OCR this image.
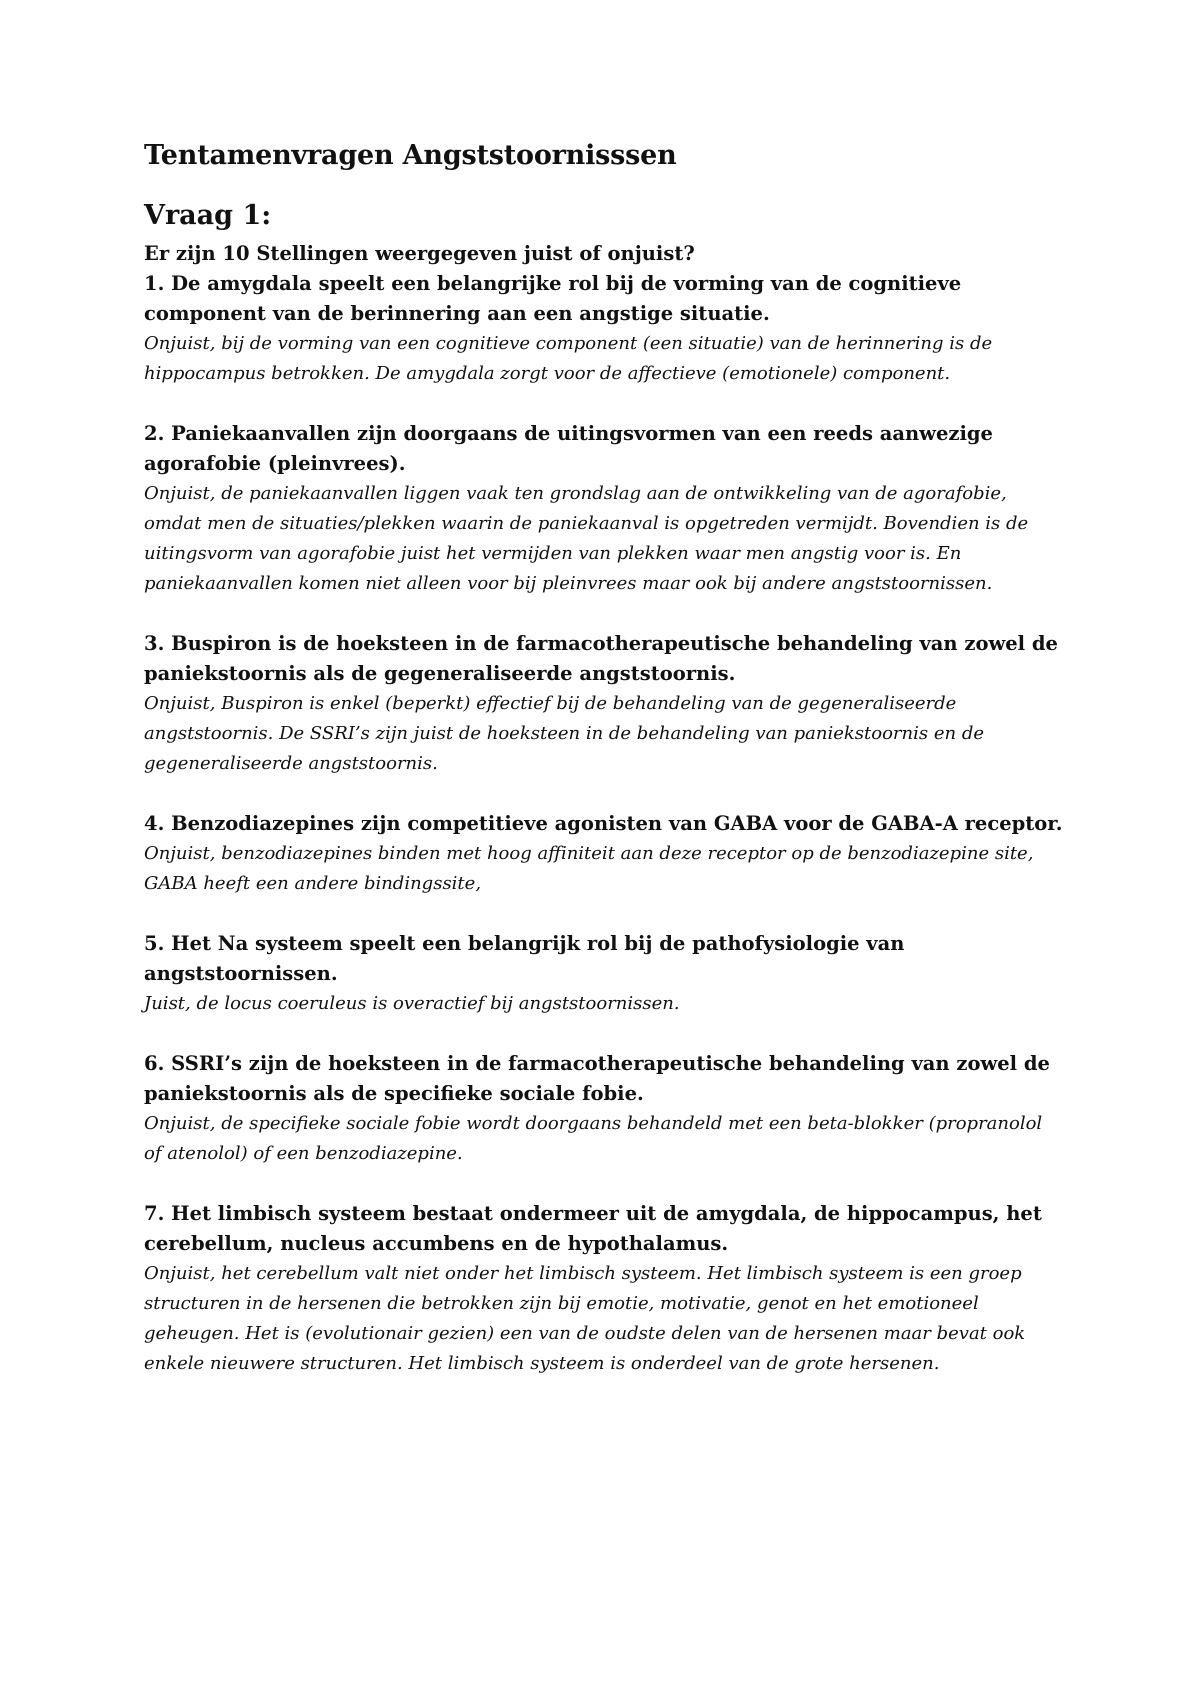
Tentamenvragen Angststoornisssen
Vraag 1:

Er zijn 10 Stellingen weergegeven juist of onjuist?

1. De amygdala speelt een belangrijke rol bij de vorming van de cognitieve component van de berinnering aan een angstige situatie.

Onjuist, bij de vorming van een cognitieve component (een situatie) van de herinnering is de hippocampus betrokken. De amygdala zorgt voor de affectieve (emotionele) component.

2. Paniekaanvallen zijn doorgaans de uitingsvormen van een reeds aanwezige agorafobie (pleinvrees).

Onjuist, de paniekaanvallen liggen vaak ten grondslag aan de ontwikkeling van de agorafobie, omdat men de situaties/plekken waarin de paniekaanval is opgetreden vermijdt. Bovendien is de uitingsvorm van agorafobie juist het vermijden van plekken waar men angstig voor is. En paniekaanvallen komen niet alleen voor bij pleinvrees maar ook bij andere angststoornissen.

3. Buspiron is de hoeksteen in de farmacotherapeutische behandeling van zowel de paniekstoornis als de gegeneraliseerde angststoornis.

Onjuist, Buspiron is enkel (beperkt) effectief bij de behandeling van de gegeneraliseerde angststoornis. De SSRI’s zijn juist de hoeksteen in de behandeling van paniekstoornis en de gegeneraliseerde angststoornis.

4. Benzodiazepines zijn competitieve agonisten van GABA voor de GABA-A receptor.

Onjuist, benzodiazepines binden met hoog affiniteit aan deze receptor op de benzodiazepine site, GABA heeft een andere bindingssite,

5. Het Na systeem speelt een belangrijk rol bij de pathofysiologie van angststoornissen.

Juist, de locus coeruleus is overactief bij angststoornissen.

6. SSRI’s zijn de hoeksteen in de farmacotherapeutische behandeling van zowel de paniekstoornis als de specifieke sociale fobie.

Onjuist, de specifieke sociale fobie wordt doorgaans behandeld met een beta-blokker (propranolol of atenolol) of een benzodiazepine.

7. Het limbisch systeem bestaat ondermeer uit de amygdala, de hippocampus, het cerebellum, nucleus accumbens en de hypothalamus.

Onjuist, het cerebellum valt niet onder het limbisch systeem. Het limbisch systeem is een groep structuren in de hersenen die betrokken zijn bij emotie, motivatie, genot en het emotioneel geheugen. Het is (evolutionair gezien) een van de oudste delen van de hersenen maar bevat ook enkele nieuwere structuren. Het limbisch systeem is onderdeel van de grote hersenen.
